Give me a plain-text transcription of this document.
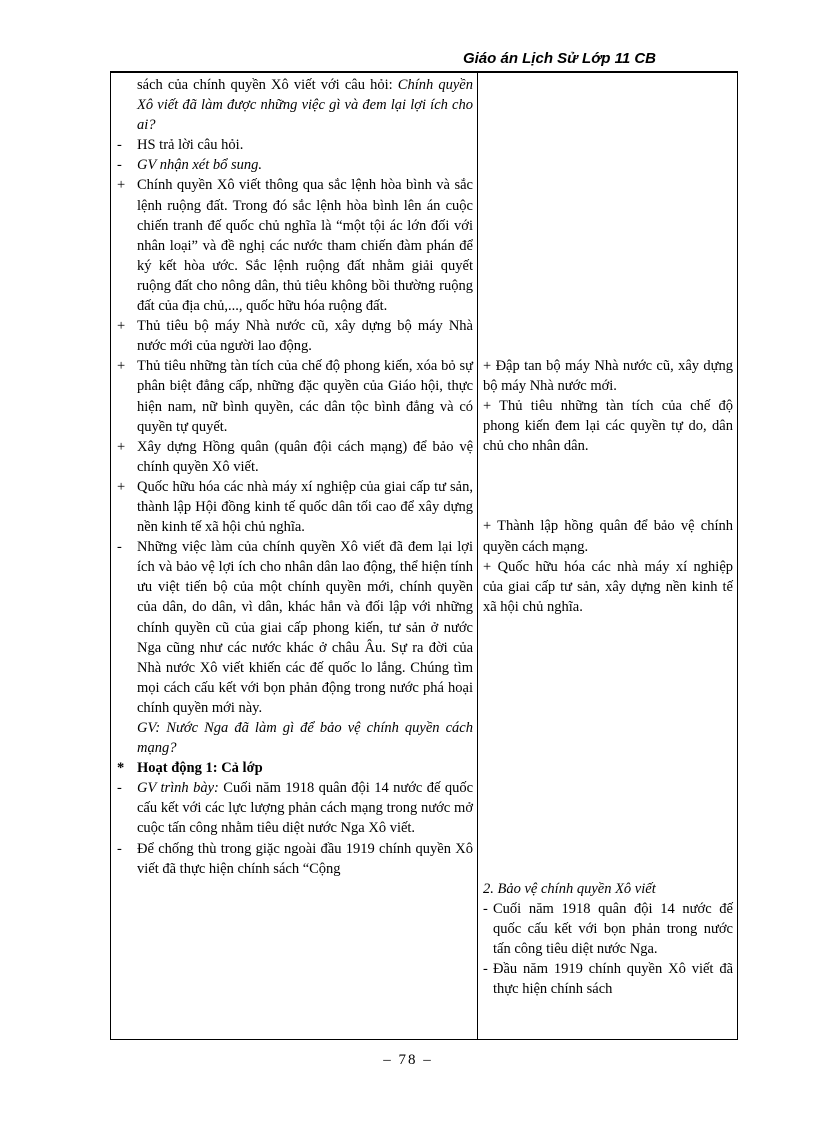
Giáo án Lịch Sử Lớp 11 CB
sách của chính quyền Xô viết với câu hỏi: Chính quyền Xô viết đã làm được những việc gì và đem lại lợi ích cho ai?
-	HS trả lời câu hỏi.
-	GV nhận xét bổ sung.
+ Chính quyền Xô viết thông qua sắc lệnh hòa bình và sắc lệnh ruộng đất. Trong đó sắc lệnh hòa bình lên án cuộc chiến tranh đế quốc chủ nghĩa là “một tội ác lớn đối với nhân loại” và đề nghị các nước tham chiến đàm phán để ký kết hòa ước. Sắc lệnh ruộng đất nhằm giải quyết ruộng đất cho nông dân, thủ tiêu không bồi thường ruộng đất của địa chủ,..., quốc hữu hóa ruộng đất.
+ Thủ tiêu bộ máy Nhà nước cũ, xây dựng bộ máy Nhà nước mới của người lao động.
+ Thủ tiêu những tàn tích của chế độ phong kiến, xóa bỏ sự phân biệt đẳng cấp, những đặc quyền của Giáo hội, thực hiện nam, nữ bình quyền, các dân tộc bình đẳng và có quyền tự quyết.
+ Xây dựng Hồng quân (quân đội cách mạng) để bảo vệ chính quyền Xô viết.
+ Quốc hữu hóa các nhà máy xí nghiệp của giai cấp tư sản, thành lập Hội đồng kinh tế quốc dân tối cao để xây dựng nền kinh tế xã hội chủ nghĩa.
-	Những việc làm của chính quyền Xô viết đã đem lại lợi ích và bảo vệ lợi ích cho nhân dân lao động, thể hiện tính ưu việt tiến bộ của một chính quyền mới, chính quyền của dân, do dân, vì dân, khác hẳn và đối lập với những chính quyền cũ của giai cấp phong kiến, tư sản ở nước Nga cũng như các nước khác ở châu Âu. Sự ra đời của Nhà nước Xô viết khiến các đế quốc lo lắng. Chúng tìm mọi cách cấu kết với bọn phản động trong nước phá hoại chính quyền mới này.
GV: Nước Nga đã làm gì để bảo vệ chính quyền cách mạng?
* Hoạt động 1: Cả lớp
-	GV trình bày: Cuối năm 1918 quân đội 14 nước đế quốc cấu kết với các lực lượng phản cách mạng trong nước mở cuộc tấn công nhằm tiêu diệt nước Nga Xô viết.
-	Để chống thù trong giặc ngoài đầu 1919 chính quyền Xô viết đã thực hiện chính sách “Cộng
+ Đập tan bộ máy Nhà nước cũ, xây dựng bộ máy Nhà nước mới.
+ Thủ tiêu những tàn tích của chế độ phong kiến đem lại các quyền tự do, dân chủ cho nhân dân.
+ Thành lập hồng quân để bảo vệ chính quyền cách mạng.
+ Quốc hữu hóa các nhà máy xí nghiệp của giai cấp tư sản, xây dựng nền kinh tế xã hội chủ nghĩa.
2. Bảo vệ chính quyền Xô viết
- Cuối năm 1918 quân đội 14 nước đế quốc cấu kết với bọn phản trong nước tấn công tiêu diệt nước Nga.
- Đầu năm 1919 chính quyền Xô viết đã thực hiện chính sách
– 78 –
